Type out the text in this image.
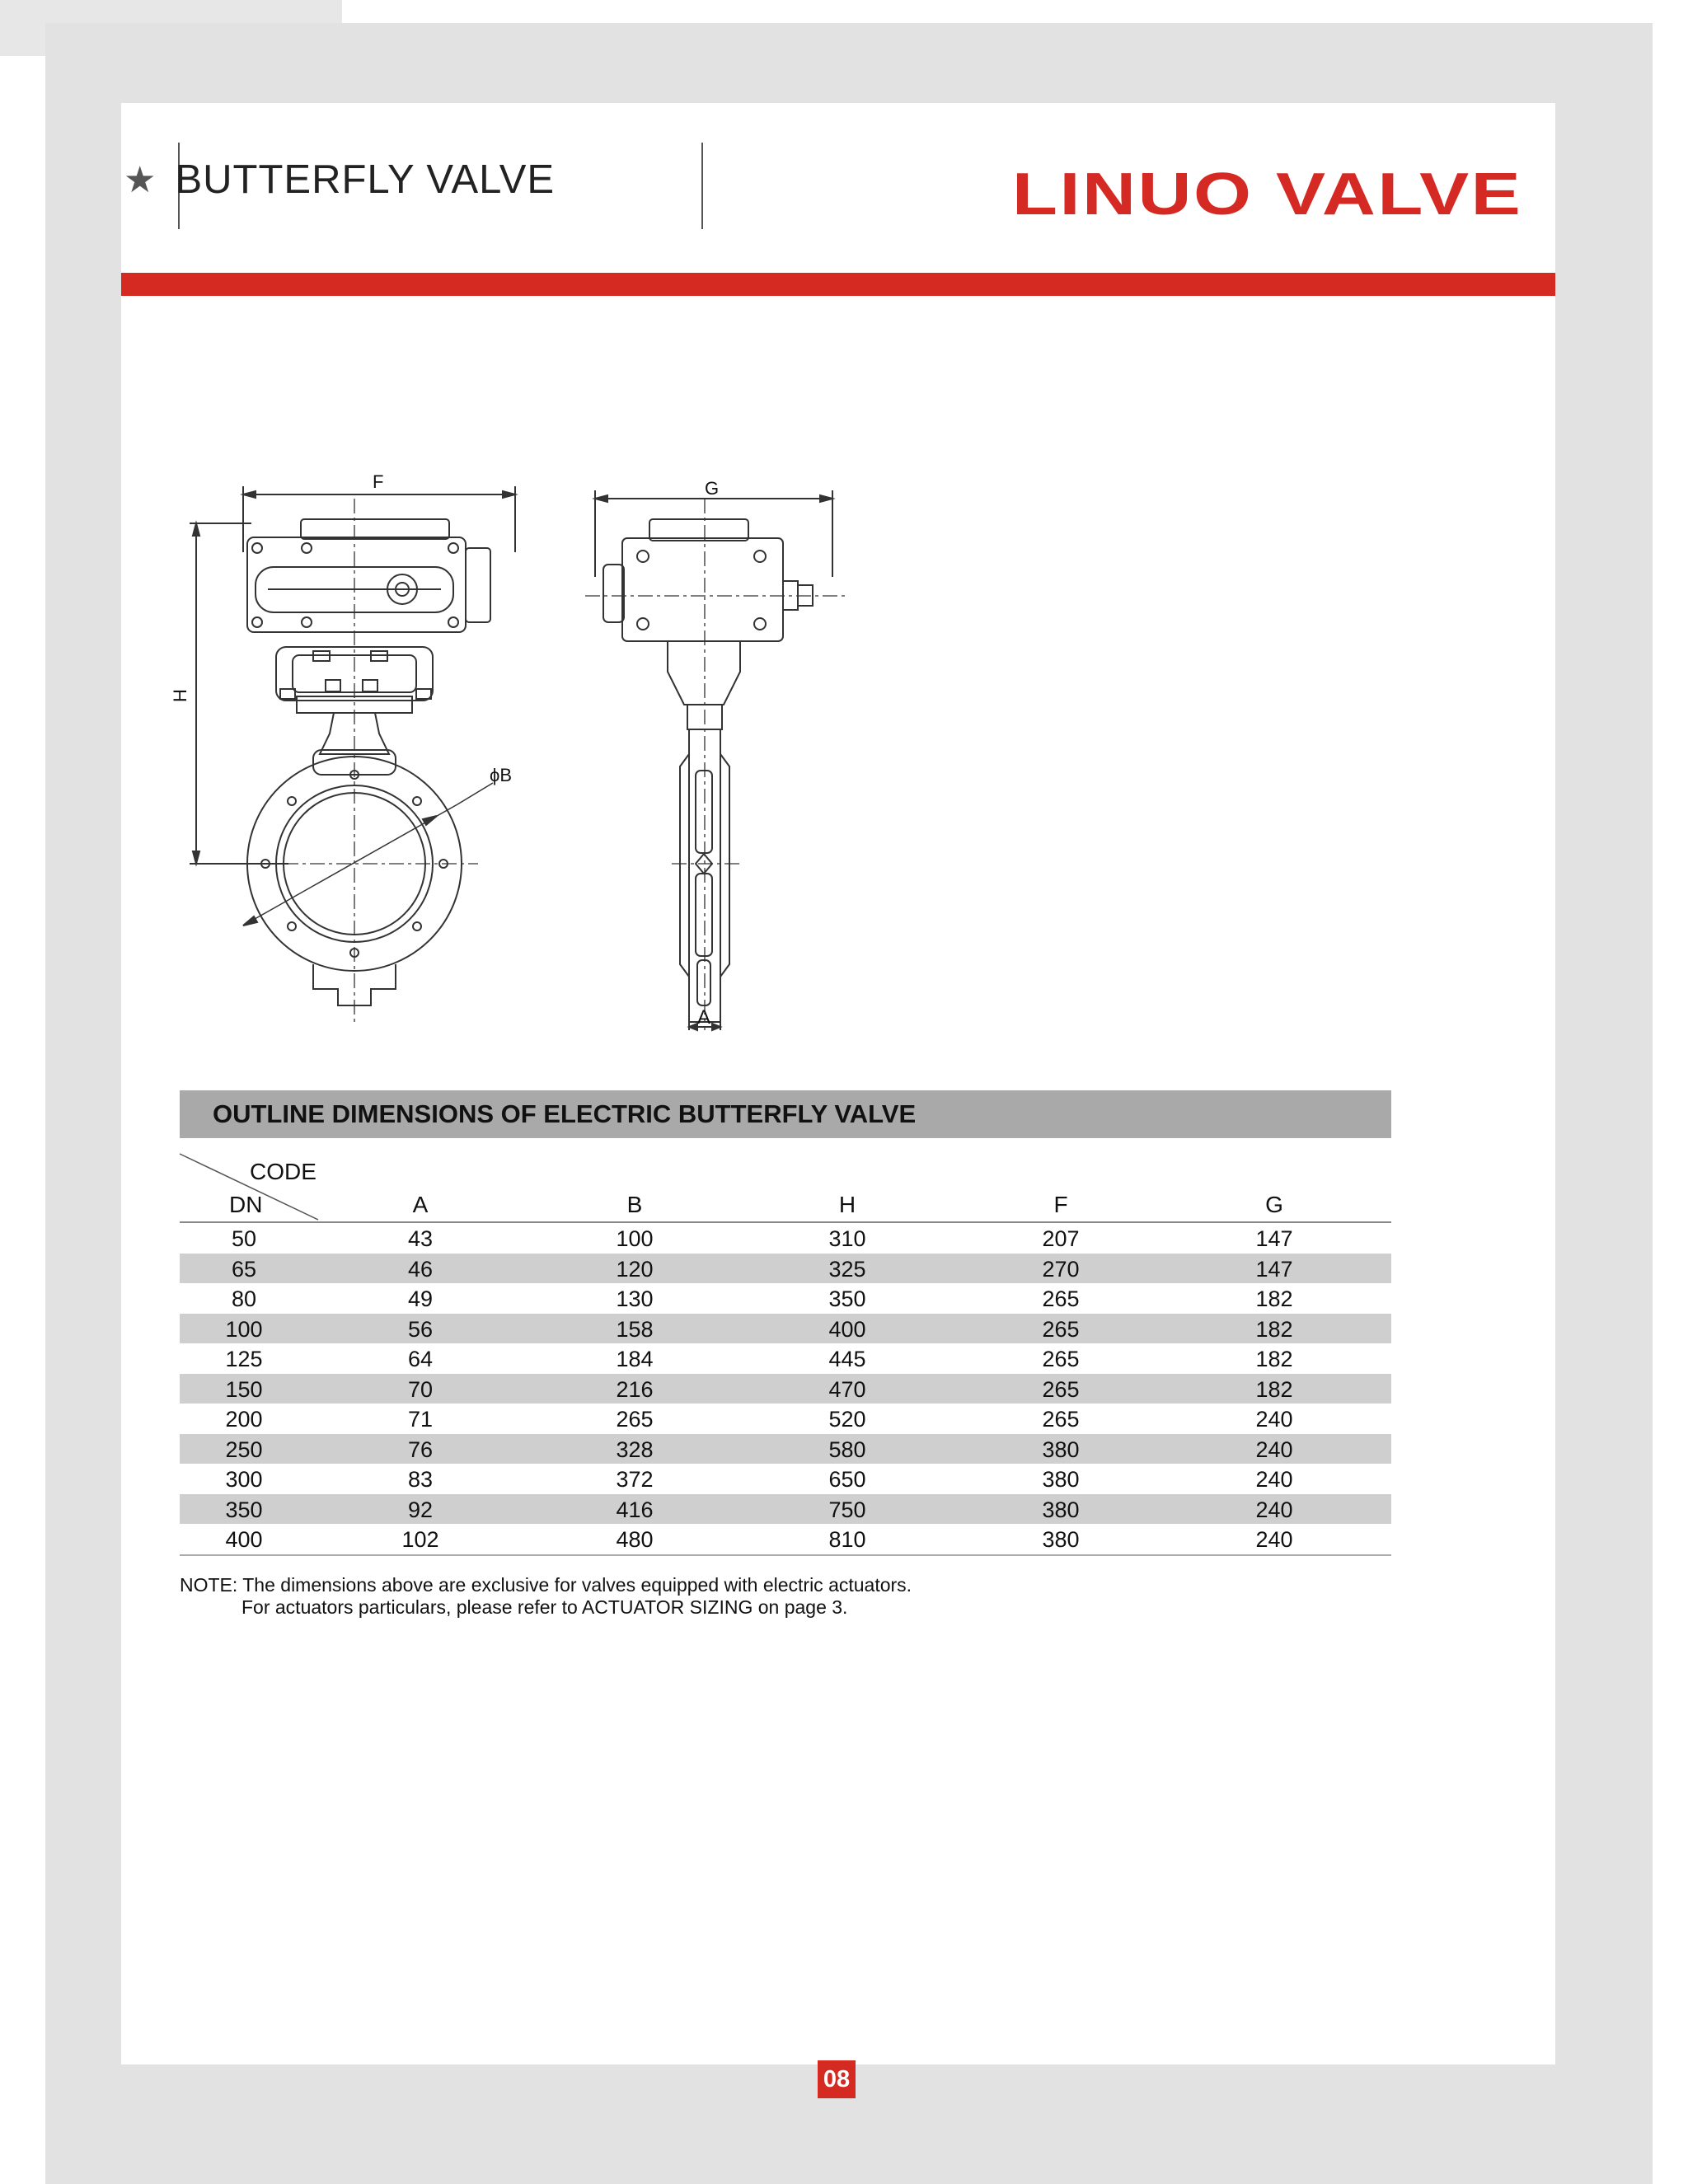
★ BUTTERFLY VALVE	LINUO VALVE
F
H
ϕB
G
A
OUTLINE DIMENSIONS OF ELECTRIC BUTTERFLY VALVE
CODE
DN	A	B	H	F	G
50	43	100	310	207	147
65	46	120	325	270	147
80	49	130	350	265	182
100	56	158	400	265	182
125	64	184	445	265	182
150	70	216	470	265	182
200	71	265	520	265	240
250	76	328	580	380	240
300	83	372	650	380	240
350	92	416	750	380	240
400	102	480	810	380	240
NOTE: The dimensions above are exclusive for valves equipped with electric actuators.
For actuators particulars, please refer to ACTUATOR SIZING on page 3.
08
